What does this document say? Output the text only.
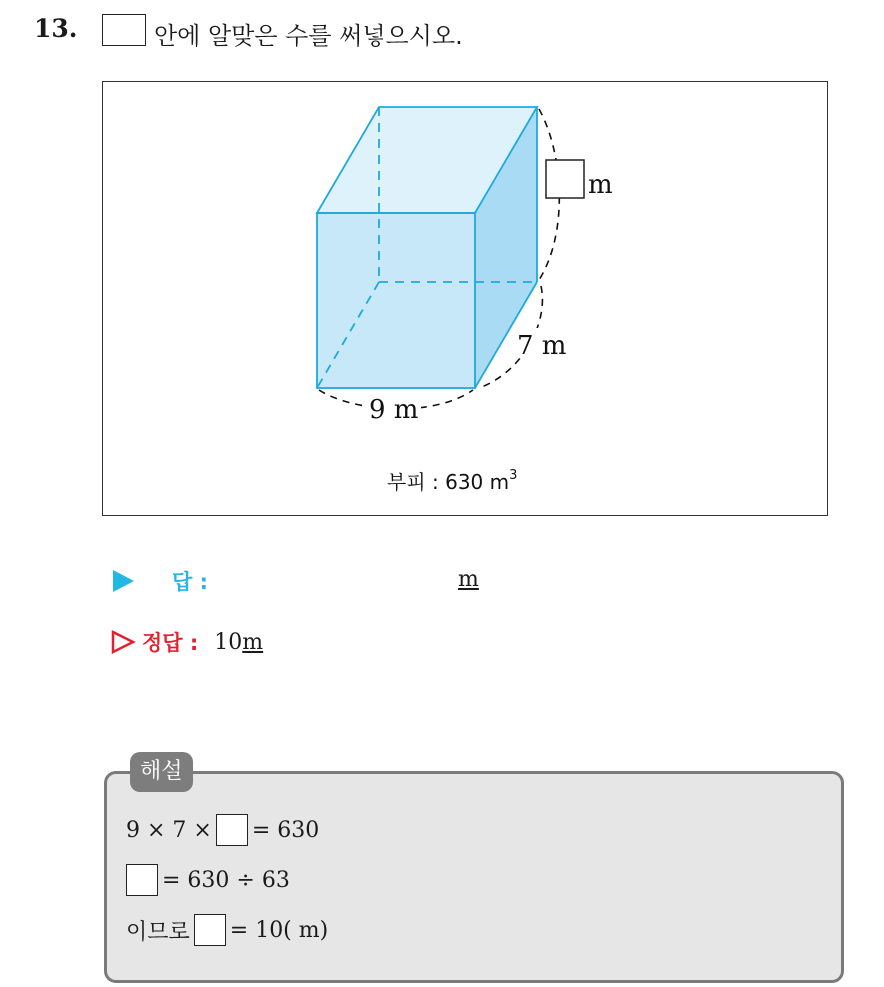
13.	안에 알맞은 수를 써넣으시오.
m
7 m
9 m
부피 : 630 $m^3$
답 :	m
정답 : 10 m
해설
9 × 7 × = 630
= 630 ÷ 63
이므로 = 10( m)
